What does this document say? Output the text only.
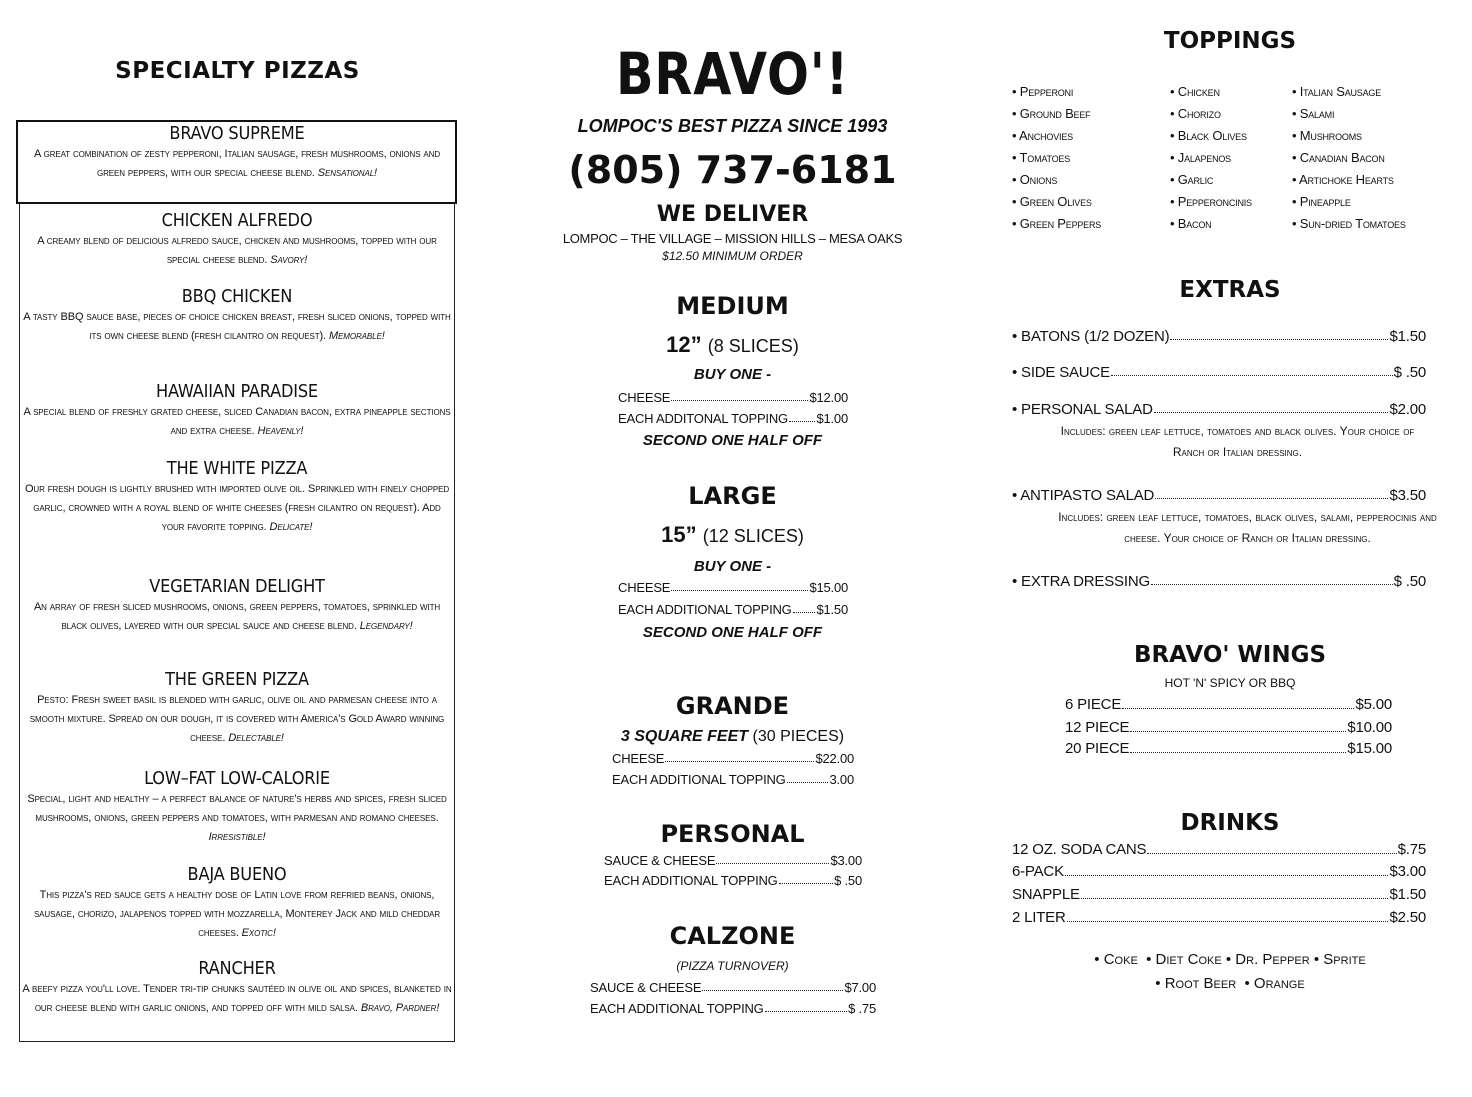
SPECIALTY PIZZAS
BRAVO SUPREME
A great combination of zesty pepperoni, Italian sausage, fresh mushrooms, onions and green peppers, with our special cheese blend. Sensational!
CHICKEN ALFREDO
A creamy blend of delicious alfredo sauce, chicken and mushrooms, topped with our special cheese blend. Savory!
BBQ CHICKEN
A tasty BBQ sauce base, pieces of choice chicken breast, fresh sliced onions, topped with its own cheese blend (fresh cilantro on request). Memorable!
HAWAIIAN PARADISE
A special blend of freshly grated cheese, sliced Canadian bacon, extra pineapple sections and extra cheese. Heavenly!
THE WHITE PIZZA
Our fresh dough is lightly brushed with imported olive oil. Sprinkled with finely chopped garlic, crowned with a royal blend of white cheeses (fresh cilantro on request). Add your favorite topping. Delicate!
VEGETARIAN DELIGHT
An array of fresh sliced mushrooms, onions, green peppers, tomatoes, sprinkled with black olives, layered with our special sauce and cheese blend. Legendary!
THE GREEN PIZZA
Pesto: Fresh sweet basil is blended with garlic, olive oil and parmesan cheese into a smooth mixture. Spread on our dough, it is covered with America's Gold Award winning cheese. Delectable!
LOW–FAT LOW-CALORIE
Special, light and healthy – a perfect balance of nature's herbs and spices, fresh sliced mushrooms, onions, green peppers and tomatoes, with parmesan and romano cheeses. Irresistible!
BAJA BUENO
This pizza's red sauce gets a healthy dose of Latin love from refried beans, onions, sausage, chorizo, jalapenos topped with mozzarella, Monterey Jack and mild cheddar cheeses. Exotic!
RANCHER
A beefy pizza you'll love. Tender tri-tip chunks sautéed in olive oil and spices, blanketed in our cheese blend with garlic onions, and topped off with mild salsa. Bravo, Pardner!
BRAVO'!
LOMPOC'S BEST PIZZA SINCE 1993
(805) 737-6181
WE DELIVER
LOMPOC – THE VILLAGE – MISSION HILLS – MESA OAKS
$12.50 MINIMUM ORDER
MEDIUM
12” (8 SLICES)
BUY ONE -
CHEESE	$12.00
EACH ADDITONAL TOPPING $1.00
SECOND ONE HALF OFF
LARGE
15” (12 SLICES)
BUY ONE -
CHEESE	$15.00
EACH ADDITIONAL TOPPING $1.50
SECOND ONE HALF OFF
GRANDE
3 SQUARE FEET (30 PIECES)
CHEESE	$22.00
EACH ADDITIONAL TOPPING	3.00
PERSONAL
SAUCE & CHEESE	$3.00
EACH ADDITIONAL TOPPING	$ .50
CALZONE
(PIZZA TURNOVER)
SAUCE & CHEESE	$7.00
EACH ADDITIONAL TOPPING	$ .75
TOPPINGS
• Pepperoni
• Ground Beef
• Anchovies
• Tomatoes
• Onions
• Green Olives
• Green Peppers
• Chicken
• Chorizo
• Black Olives
• Jalapenos
• Garlic
• Pepperoncinis
• Bacon
• Italian Sausage
• Salami
• Mushrooms
• Canadian Bacon
• Artichoke Hearts
• Pineapple
• Sun-dried Tomatoes
EXTRAS
• BATONS (1/2 DOZEN)	$1.50
• SIDE SAUCE	$ .50
• PERSONAL SALAD	$2.00
Includes: green leaf lettuce, tomatoes and black olives. Your choice of Ranch or Italian dressing.
• ANTIPASTO SALAD	$3.50
Includes: green leaf lettuce, tomatoes, black olives, salami, pepperocinis and cheese. Your choice of Ranch or Italian dressing.
• EXTRA DRESSING	$ .50
BRAVO' WINGS
HOT 'N' SPICY OR BBQ
6 PIECE	$5.00
12 PIECE	$10.00
20 PIECE	$15.00
DRINKS
12 OZ. SODA CANS	$.75
6-PACK	$3.00
SNAPPLE	$1.50
2 LITER	$2.50
• Coke  • Diet Coke • Dr. Pepper • Sprite
• Root Beer  • Orange
